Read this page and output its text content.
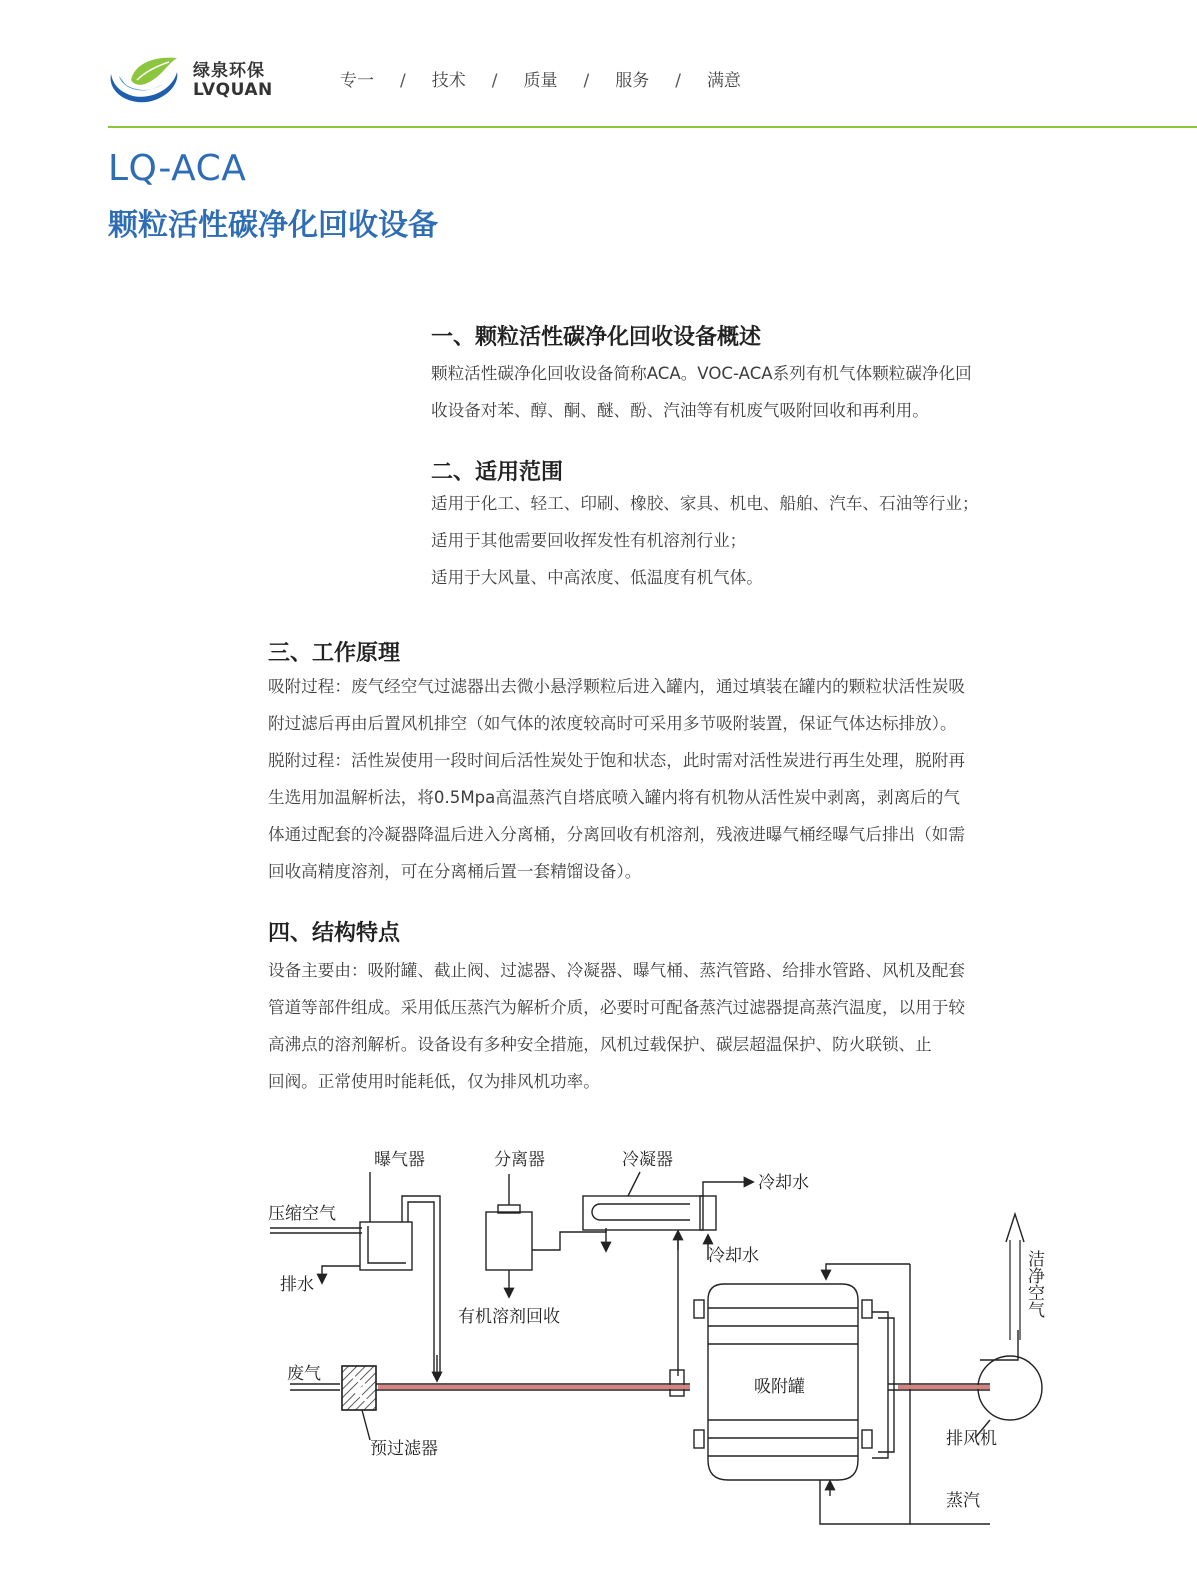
绿泉环保
LVQUAN	专一 / 技术 / 质量 / 服务 / 满意
LQ-ACA
颗粒活性碳净化回收设备
一、颗粒活性碳净化回收设备概述
颗粒活性碳净化回收设备简称ACA。VOC-ACA系列有机气体颗粒碳净化回
收设备对苯、醇、酮、醚、酚、汽油等有机废气吸附回收和再利用。
二、适用范围
适用于化工、轻工、印刷、橡胶、家具、机电、船舶、汽车、石油等行业；
适用于其他需要回收挥发性有机溶剂行业；
适用于大风量、中高浓度、低温度有机气体。
三、工作原理
吸附过程：废气经空气过滤器出去微小悬浮颗粒后进入罐内，通过填装在罐内的颗粒状活性炭吸
附过滤后再由后置风机排空（如气体的浓度较高时可采用多节吸附装置，保证气体达标排放）。
脱附过程：活性炭使用一段时间后活性炭处于饱和状态，此时需对活性炭进行再生处理，脱附再
生选用加温解析法，将0.5Mpa高温蒸汽自塔底喷入罐内将有机物从活性炭中剥离，剥离后的气
体通过配套的冷凝器降温后进入分离桶，分离回收有机溶剂，残液进曝气桶经曝气后排出（如需
回收高精度溶剂，可在分离桶后置一套精馏设备）。
四、结构特点
设备主要由：吸附罐、截止阀、过滤器、冷凝器、曝气桶、蒸汽管路、给排水管路、风机及配套
管道等部件组成。采用低压蒸汽为解析介质，必要时可配备蒸汽过滤器提高蒸汽温度，以用于较
高沸点的溶剂解析。设备设有多种安全措施，风机过载保护、碳层超温保护、防火联锁、止
回阀。正常使用时能耗低，仅为排风机功率。
曝气器	分离器	冷凝器
冷却水
压缩空气
冷却水
排水
有机溶剂回收
废气
吸附罐
预过滤器	排风机
蒸汽
洁净空气
